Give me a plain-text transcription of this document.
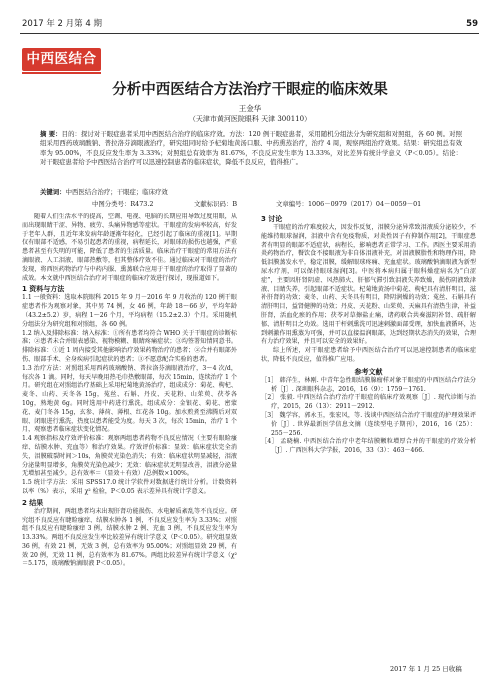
2017 年 2 月第 4 期	59
中西医结合
分析中西医结合方法治疗干眼症的临床效果
王金华
（天津市黄河医院眼科 天津 300110）
摘 要：目的：探讨对干眼症患者采用中西医结合治疗的临床疗效。方法：120 例干眼症患者，采用随机分组法分为研究组和对照组，各 60 例。对照组采用西药玻璃酸钠、普拉洛芬滴眼液治疗，研究组同时给予杞菊地黄汤口服、中药熏蒸治疗，治疗 4 周，观察两组治疗效果。结果：研究组总有效率为 95.00%，不良反应发生率为 3.33%；对照组总有效率为 81.67%，不良反应发生率为 13.33%，对比差异有统计学意义（P＜0.05）。结论：对干眼症患者给予中西医结合治疗可以迅速控制患者的临床症状，降低不良反应，值得推广。
关键词：中西医结合治疗；干眼症；临床疗效
中图分类号：R473.2	文献标识码：B	文章编号：1006－0979（2017）04－0059－01

随着人们生活水平的提高，空调、电视、电脑的长期应用导致过度用眼，从而出现眼睛干涩、异物、疲劳、头痛异物感等症状。干眼症的发病率较高，好发于老年人群，且近年来发病年龄逐渐年轻化，已经引起了临床的重视[1]。早期仅有眼部不适感，不易引起患者的重视，病程延长，对眼球的损伤也越强，严重患者甚至有失明的可能，降低了患者的生活质量。临床治疗干眼症的常用方法有滴眼液、人工泪液、眼部热敷等，但其整体疗效不佳。通过临床对干眼症的治疗发现，将西医药物治疗与中药内服、熏蒸联合应用于干眼症的治疗取得了显著的成效。本文就中西医结合治疗对干眼症的临床疗效进行探讨，现报道如下。

1 资料与方法

1.1 一般资料：选取本院眼科 2015 年 9 月－2016 年 9 月收治的 120 例干眼症患者作为观察对象，其中男 74 例，女 46 例，年龄 18～66 岁，平均年龄（43.2±5.2）岁，病程 1～26 个月，平均病程（15.2±2.3）个月。采用随机分组法分为研究组和对照组，各 60 例。

1.2 纳入及排除标准：纳入标准：①所有患者均符合 WHO 关于干眼症的诊断标准；②患者未合并眼表感染、视物模糊、眼睛疼痛症状；③均签署知情同意书。排除标准：①近 1 周内接受其他影响治疗效果药物治疗的患者；②合并有眼部外伤、眼部手术、全身疾病引起症状的患者；③不愿意配合实验的患者。

1.3 治疗方法：对照组采用西药玻璃酸钠、普拉洛芬滴眼液治疗，3～4 次/d，每次各 1 滴。同时，每天早晚用热毛巾热敷眼部，每次 15min，连续治疗 1 个月。研究组在对照组治疗基础上采用杞菊地黄汤治疗，组成成分：菊花、枸杞、麦冬、山药、天冬各 15g，菟丝、石斛、丹皮、天花粉、山茱萸、茯苓各 10g，熟地黄 6g。同时选用中药进行熏洗，组成成分：金银花、菊花、密蒙花、麦门冬各 15g，玄参、薄荷、薄根、红花各 10g。加水煎煮至沸腾后对双眼、闭眼进行熏洗，热度以患者能受为度。每天 3 次，每次 15min，治疗 1 个月，观察患者临床症状变化情况。

1.4 观察指标及疗效评价标准：观察两组患者药物不良反应情况（主要有眼睑瘙痒、结膜水肿、充血等）和治疗效果。疗效评价标准：显效：临床症状完全消失，泪膜破裂时间＞10s，角膜荧光染色消失；有效：临床症状明显减轻，泪液分泌量明显增多，角膜荧光染色减少；无效：临床症状无明显改善，泪液分泌量无增加甚至减少。总有效率＝（显效＋有效）/总例数×100%。

1.5 统计学方法：采用 SPSS17.0 统计学软件对数据进行统计分析。计数资料以率（%）表示，采用 χ² 检验，P＜0.05 表示差异具有统计学意义。

2 结果

治疗期间，两组患者均未出现肝肾功能损伤、水电解质紊乱等不良反应。研究组不良反应有睫睑瘙痒、结膜水肿各 1 例，不良反应发生率为 3.33%；对照组不良反应有睫睑瘙痒 3 例，结膜水肿 2 例、充血 3 例，不良反应发生率为 13.33%。两组不良反应发生率比较差异有统计学意义（P＜0.05）。研究组显效 36 例，有效 21 例，无效 3 例，总有效率为 95.00%；对照组显效 29 例，有效 20 例，无效 11 例，总有效率为 81.67%。两组比较差异有统计学意义（χ²＝5.175，玻璃酸钠滴眼液 P＜0.05）。

3 讨论

干眼症的治疗难度较大，因发作反复，泪膜分泌异常致泪液质分泌较少，不能维持眼球湿润，泪液中含有免疫物质，对炎性因子有抑制作用[2]，干眼症患者有明显的眼部不适症状，病程长，影响患者正常学习、工作。西医主要采用消炎药物治疗，餐饮食不接眼液为非自体泪液补充，对泪液膜脂性和物理作用，降低泪膜蒸发水平，稳定泪膜，缓解眼球疼痛、充血症状。玻璃酸钠滴眼液为新型尿水疗剂，可以保持眼球湿润[3]。中医将本病归属于眼科燥症病名为“白涩症”，主要因肝肾阴虚、风热肺火、肝郁气滞引致泪液失养致燥，损伤阴液致津液、目睛失养，引起眼部不适症状。杞菊地黄汤中菊花、枸杞具有清肝明目，滋补肝肾的功效；麦冬、山药、天冬具有明目，降阴润燥的功效；菟丝、石斛具有清肝明目，益肾健脾的功效；丹皮、天花粉、山茱萸、天麻具有清热生津，补益肝肾，活血化瘀的作用；茯苓对草擦盐止痛，诸药联合共奏滋阴补肾、疏肝解郁、清肝明目之功效。选用干杆刺熏洗可迅速刺激面部受理，加快血液循环，达到刺激作用熏蒸为可强，并可以直接温润眼部，达到经期状态消失的效果，合理有力治疗效果，并且可以安全的效果好。

综上所述，对干眼症患者给予中西医结合治疗可以迅速控制患者的临床症状，降低不良反应，值得推广应用。

参考文献

［1］ 韩洋生，林刚. 中青年急性眼结膜腺瘤样对象干眼症的中西医结合疗法分析［J］. 深圳眼科杂志，2016，16（9）：1759－1761.

［2］ 张毅. 中西医结合治疗治疗干眼症的临床疗效观察［J］. 现代诊断与治疗，2015，26（13）：2911－2912.

［3］ 魏学容，郭永玉，张宏风，等. 浅谈中西医结合治疗干眼症的护理效果评价［J］. 世界最新医学信息文摘（连续型电子期刊），2016，16（25）：255－256.

［4］ 孟晓楠. 中西医结合治疗中老年结膜颗粒增厚合并的干眼症的疗效分析［J］. 广西医科大学学报，2016，33（3）：463－466.

2017 年 1 月 25 日收稿
